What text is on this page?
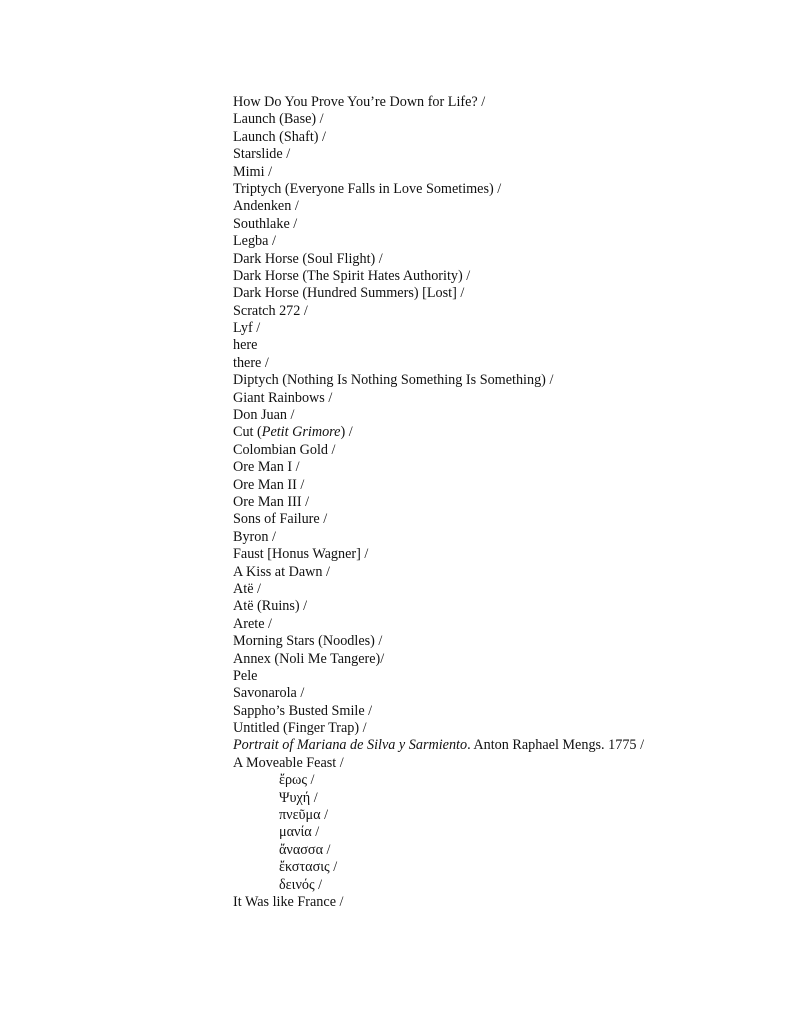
How Do You Prove You’re Down for Life? /
Launch (Base) /
Launch (Shaft) /
Starslide /
Mimi /
Triptych (Everyone Falls in Love Sometimes) /
Andenken /
Southlake /
Legba /
Dark Horse (Soul Flight) /
Dark Horse (The Spirit Hates Authority) /
Dark Horse (Hundred Summers) [Lost] /
Scratch 272 /
Lyf /
here
there /
Diptych (Nothing Is Nothing Something Is Something) /
Giant Rainbows /
Don Juan /
Cut (Petit Grimore) /
Colombian Gold /
Ore Man I /
Ore Man II /
Ore Man III /
Sons of Failure /
Byron /
Faust [Honus Wagner] /
A Kiss at Dawn /
Atë /
Atë (Ruins) /
Arete /
Morning Stars (Noodles) /
Annex (Noli Me Tangere)/
Pele
Savonarola /
Sappho’s Busted Smile /
Untitled (Finger Trap) /
Portrait of Mariana de Silva y Sarmiento. Anton Raphael Mengs. 1775 /
A Moveable Feast /
ἔρως /
Ψυχή /
πνεῦμα /
μανία /
ἄνασσα /
ἔκστασις /
δεινός /
It Was like France /
